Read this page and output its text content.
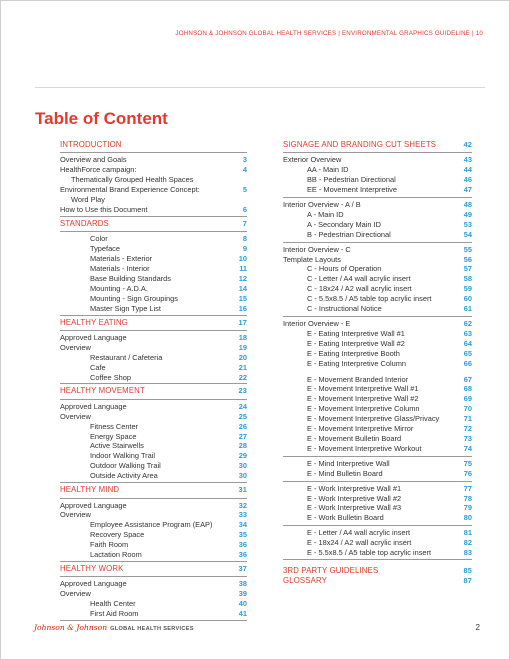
JOHNSON & JOHNSON GLOBAL HEALTH SERVICES | ENVIRONMENTAL GRAPHICS GUIDELINE | 10
Table of Content
INTRODUCTION
Overview and Goals	3
HealthForce campaign:	4
Thematically Grouped Health Spaces
Environmental Brand Experience Concept:	5
Word Play
How to Use this Document	6
STANDARDS	7
Color	8
Typeface	9
Materials - Exterior	10
Materials - Interior	11
Base Building Standards	12
Mounting - A.D.A.	14
Mounting - Sign Groupings	15
Master Sign Type List	16
HEALTHY EATING	17
Approved Language	18
Overview	19
Restaurant / Cafeteria	20
Cafe	21
Coffee Shop	22
HEALTHY MOVEMENT	23
Approved Language	24
Overview	25
Fitness Center	26
Energy Space	27
Active Stairwells	28
Indoor Walking Trail	29
Outdoor Walking Trail	30
Outside Activity Area	30
HEALTHY MIND	31
Approved Language	32
Overview	33
Employee Assistance Program (EAP)	34
Recovery Space	35
Faith Room	36
Lactation Room	36
HEALTHY WORK	37
Approved Language	38
Overview	39
Health Center	40
First Aid Room	41
SIGNAGE AND BRANDING CUT SHEETS	42
Exterior Overview	43
AA - Main ID	44
BB - Pedestrian Directional	46
EE - Movement Interpretive	47
Interior Overview - A / B	48
A - Main ID	49
A - Secondary Main ID	53
B - Pedestrian Directional	54
Interior Overview - C	55
Template Layouts	56
C - Hours of Operation	57
C - Letter / A4 wall acrylic insert	58
C - 18x24 / A2 wall acrylic insert	59
C - 5.5x8.5 / A5 table top acrylic insert	60
C - Instructional Notice	61
Interior Overview - E	62
E - Eating Interpretive Wall #1	63
E - Eating Interpretive Wall #2	64
E - Eating Interpretive Booth	65
E - Eating Interpretive Column	66
E - Movement Branded Interior	67
E - Movement Interpretive Wall #1	68
E - Movement Interpretive Wall #2	69
E - Movement Interpretive Column	70
E - Movement Interpretive Glass/Privacy	71
E - Movement Interpretive Mirror	72
E - Movement Bulletin Board	73
E - Movement Interpretive Workout	74
E - Mind Interpretive Wall	75
E - Mind Bulletin Board	76
E - Work Interpretive Wall #1	77
E - Work Interpretive Wall #2	78
E - Work Interpretive Wall #3	79
E - Work Bulletin Board	80
E - Letter / A4 wall acrylic insert	81
E - 18x24 / A2 wall acrylic insert	82
E - 5.5x8.5 / A5 table top acrylic insert	83
3RD PARTY GUIDELINES	85
GLOSSARY	87
Johnson & Johnson GLOBAL HEALTH SERVICES	2
